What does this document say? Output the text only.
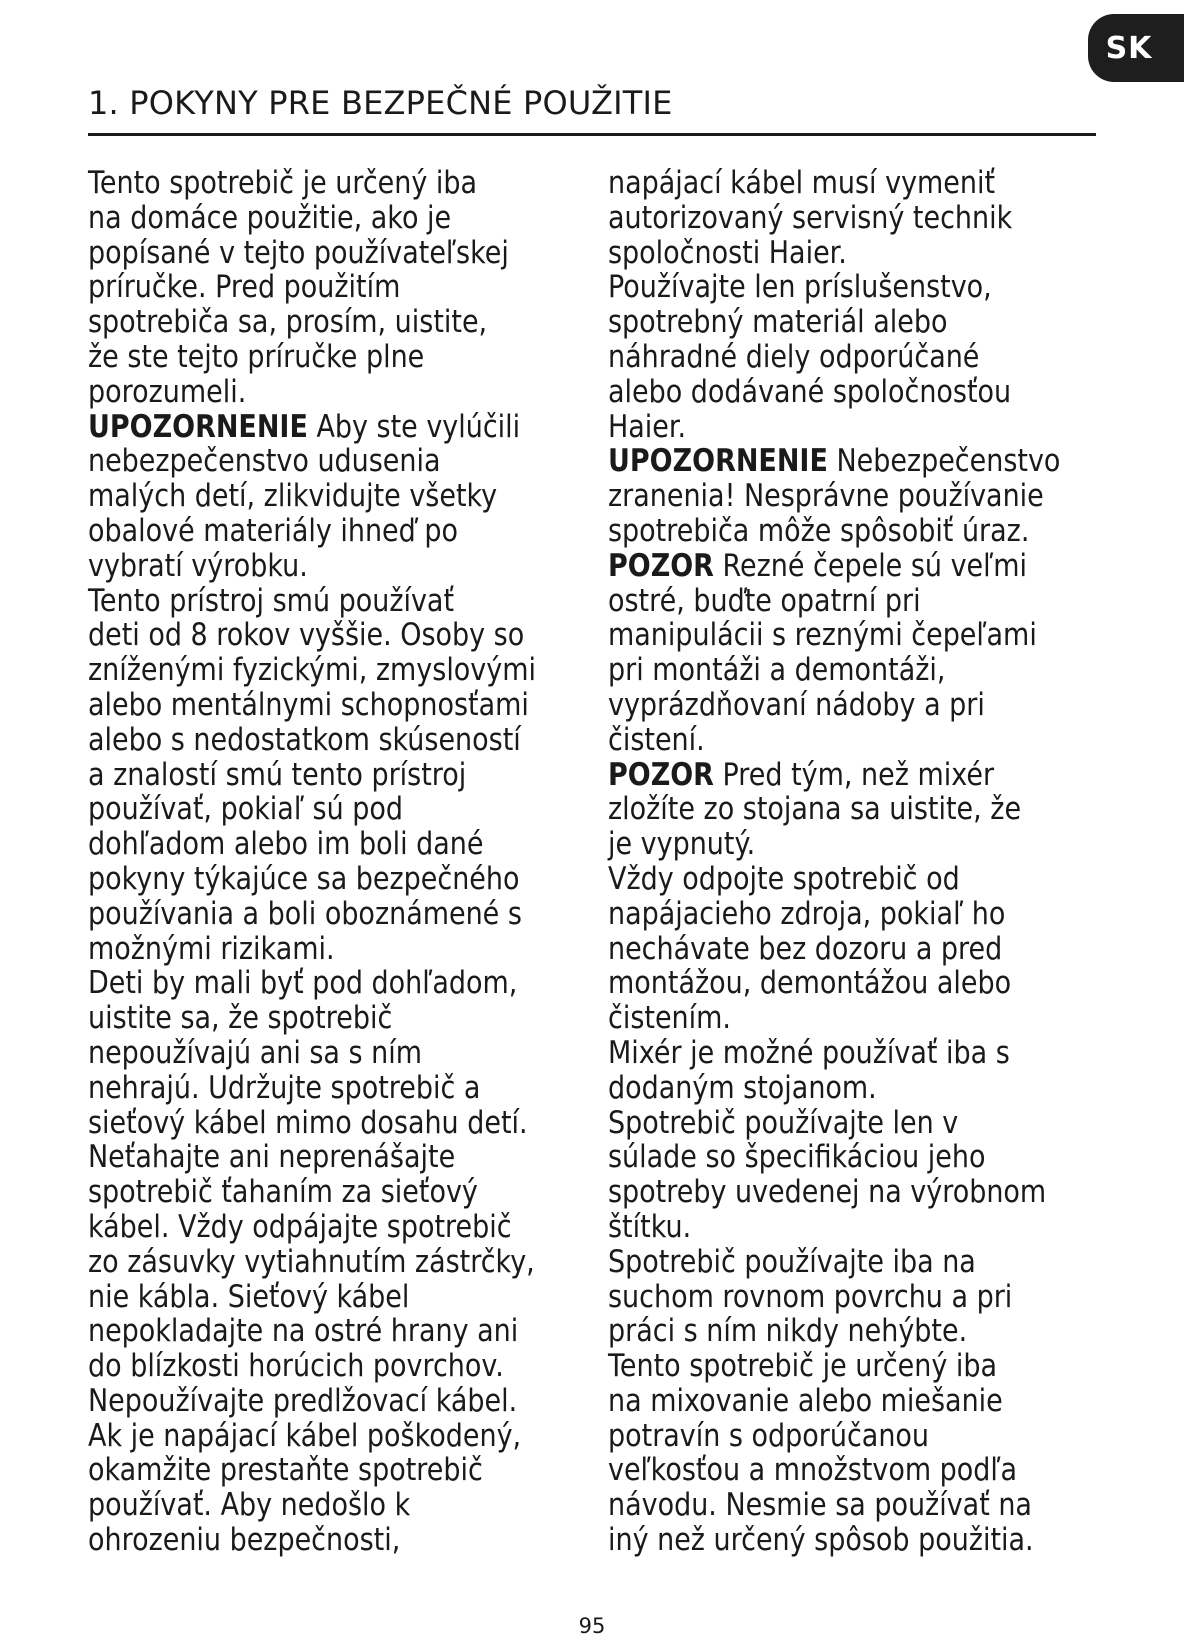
SK
1. POKYNY PRE BEZPEČNÉ POUŽITIE
Tento spotrebič je určený iba
na domáce použitie, ako je
popísané v tejto používateľskej
príručke. Pred použitím
spotrebiča sa, prosím, uistite,
že ste tejto príručke plne
porozumeli.
UPOZORNENIE Aby ste vylúčili
nebezpečenstvo udusenia
malých detí, zlikvidujte všetky
obalové materiály ihneď po
vybratí výrobku.
Tento prístroj smú používať
deti od 8 rokov vyššie. Osoby so
zníženými fyzickými, zmyslovými
alebo mentálnymi schopnosťami
alebo s nedostatkom skúseností
a znalostí smú tento prístroj
používať, pokiaľ sú pod
dohľadom alebo im boli dané
pokyny týkajúce sa bezpečného
používania a boli oboznámené s
možnými rizikami.
Deti by mali byť pod dohľadom,
uistite sa, že spotrebič
nepoužívajú ani sa s ním
nehrajú. Udržujte spotrebič a
sieťový kábel mimo dosahu detí.
Neťahajte ani neprenášajte
spotrebič ťahaním za sieťový
kábel. Vždy odpájajte spotrebič
zo zásuvky vytiahnutím zástrčky,
nie kábla. Sieťový kábel
nepokladajte na ostré hrany ani
do blízkosti horúcich povrchov.
Nepoužívajte predlžovací kábel.
Ak je napájací kábel poškodený,
okamžite prestaňte spotrebič
používať. Aby nedošlo k
ohrozeniu bezpečnosti,
napájací kábel musí vymeniť
autorizovaný servisný technik
spoločnosti Haier.
Používajte len príslušenstvo,
spotrebný materiál alebo
náhradné diely odporúčané
alebo dodávané spoločnosťou
Haier.
UPOZORNENIE Nebezpečenstvo
zranenia! Nesprávne používanie
spotrebiča môže spôsobiť úraz.
POZOR Rezné čepele sú veľmi
ostré, buďte opatrní pri
manipulácii s reznými čepeľami
pri montáži a demontáži,
vyprázdňovaní nádoby a pri
čistení.
POZOR Pred tým, než mixér
zložíte zo stojana sa uistite, že
je vypnutý.
Vždy odpojte spotrebič od
napájacieho zdroja, pokiaľ ho
nechávate bez dozoru a pred
montážou, demontážou alebo
čistením.
Mixér je možné používať iba s
dodaným stojanom.
Spotrebič používajte len v
súlade so špecifikáciou jeho
spotreby uvedenej na výrobnom
štítku.
Spotrebič používajte iba na
suchom rovnom povrchu a pri
práci s ním nikdy nehýbte.
Tento spotrebič je určený iba
na mixovanie alebo miešanie
potravín s odporúčanou
veľkosťou a množstvom podľa
návodu. Nesmie sa používať na
iný než určený spôsob použitia.
95
